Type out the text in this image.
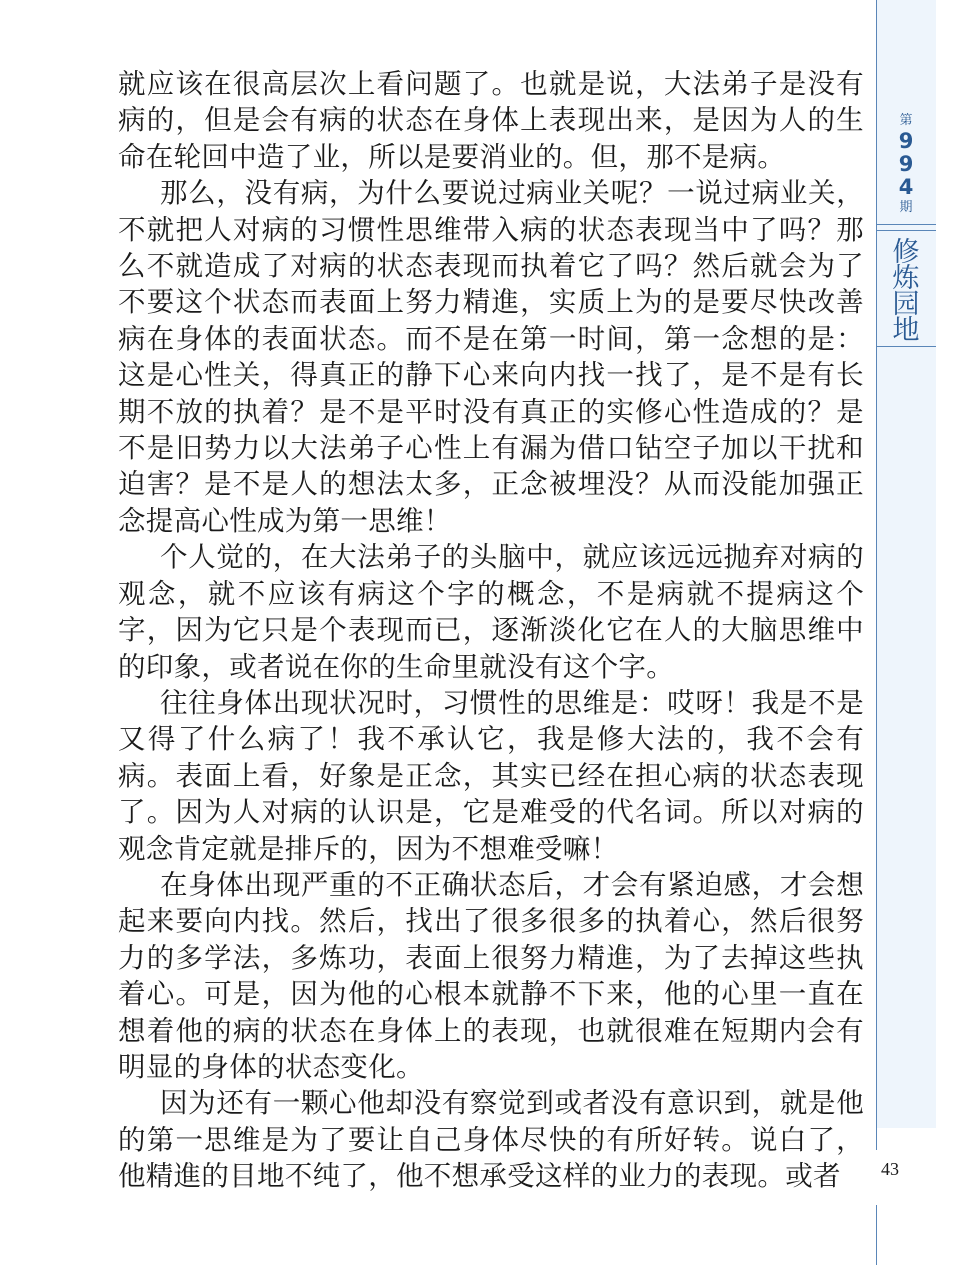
第
9
9
4
期
修
炼
园
地

就应该在很高层次上看问题了。也就是说，大法弟子是没有病的，但是会有病的状态在身体上表现出来，是因为人的生命在轮回中造了业，所以是要消业的。但，那不是病。

那么，没有病，为什么要说过病业关呢？一说过病业关，不就把人对病的习惯性思维带入病的状态表现当中了吗？那么不就造成了对病的状态表现而执着它了吗？然后就会为了不要这个状态而表面上努力精進，实质上为的是要尽快改善病在身体的表面状态。而不是在第一时间，第一念想的是：这是心性关，得真正的静下心来向内找一找了，是不是有长期不放的执着？是不是平时没有真正的实修心性造成的？是不是旧势力以大法弟子心性上有漏为借口钻空子加以干扰和迫害？是不是人的想法太多，正念被埋没？从而没能加强正念提高心性成为第一思维！

个人觉的，在大法弟子的头脑中，就应该远远抛弃对病的观念，就不应该有病这个字的概念，不是病就不提病这个字，因为它只是个表现而已，逐渐淡化它在人的大脑思维中的印象，或者说在你的生命里就没有这个字。

往往身体出现状况时，习惯性的思维是：哎呀！我是不是又得了什么病了！我不承认它，我是修大法的，我不会有病。表面上看，好象是正念，其实已经在担心病的状态表现了。因为人对病的认识是，它是难受的代名词。所以对病的观念肯定就是排斥的，因为不想难受嘛！

在身体出现严重的不正确状态后，才会有紧迫感，才会想起来要向内找。然后，找出了很多很多的执着心，然后很努力的多学法，多炼功，表面上很努力精進，为了去掉这些执着心。可是，因为他的心根本就静不下来，他的心里一直在想着他的病的状态在身体上的表现，也就很难在短期内会有明显的身体的状态变化。

因为还有一颗心他却没有察觉到或者没有意识到，就是他的第一思维是为了要让自己身体尽快的有所好转。说白了，他精進的目地不纯了，他不想承受这样的业力的表现。或者	43
